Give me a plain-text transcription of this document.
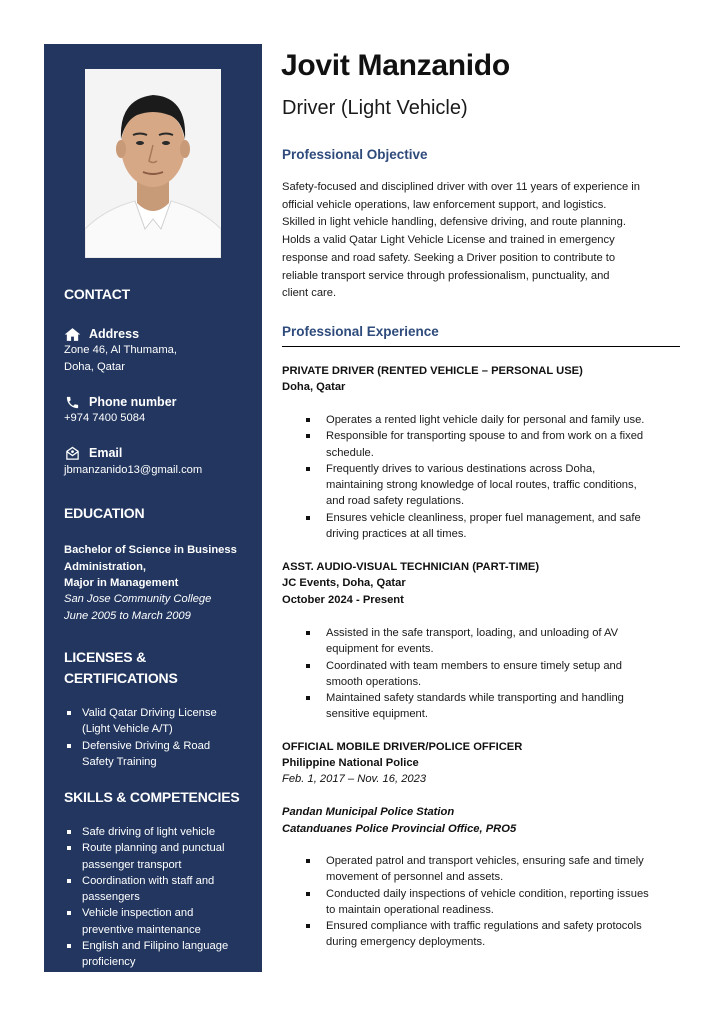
CONTACT
Address
Zone 46, Al Thumama,
Doha, Qatar
Phone number
+974 7400 5084
Email
jbmanzanido13@gmail.com
EDUCATION
Bachelor of Science in Business
Administration,
Major in Management
San Jose Community College
June 2005 to March 2009
LICENSES &
CERTIFICATIONS
Valid Qatar Driving License
(Light Vehicle A/T)
Defensive Driving & Road
Safety Training
SKILLS & COMPETENCIES
Safe driving of light vehicle
Route planning and punctual
passenger transport
Coordination with staff and
passengers
Vehicle inspection and
preventive maintenance
English and Filipino language
proficiency
Jovit Manzanido
Driver (Light Vehicle)
Professional Objective
Safety-focused and disciplined driver with over 11 years of experience in
official vehicle operations, law enforcement support, and logistics.
Skilled in light vehicle handling, defensive driving, and route planning.
Holds a valid Qatar Light Vehicle License and trained in emergency
response and road safety. Seeking a Driver position to contribute to
reliable transport service through professionalism, punctuality, and
client care.
Professional Experience
PRIVATE DRIVER (RENTED VEHICLE – PERSONAL USE)
Doha, Qatar
Operates a rented light vehicle daily for personal and family use.
Responsible for transporting spouse to and from work on a fixed
schedule.
Frequently drives to various destinations across Doha,
maintaining strong knowledge of local routes, traffic conditions,
and road safety regulations.
Ensures vehicle cleanliness, proper fuel management, and safe
driving practices at all times.
ASST. AUDIO-VISUAL TECHNICIAN (PART-TIME)
JC Events, Doha, Qatar
October 2024 - Present
Assisted in the safe transport, loading, and unloading of AV
equipment for events.
Coordinated with team members to ensure timely setup and
smooth operations.
Maintained safety standards while transporting and handling
sensitive equipment.
OFFICIAL MOBILE DRIVER/POLICE OFFICER
Philippine National Police
Feb. 1, 2017 – Nov. 16, 2023
Pandan Municipal Police Station
Catanduanes Police Provincial Office, PRO5
Operated patrol and transport vehicles, ensuring safe and timely
movement of personnel and assets.
Conducted daily inspections of vehicle condition, reporting issues
to maintain operational readiness.
Ensured compliance with traffic regulations and safety protocols
during emergency deployments.
